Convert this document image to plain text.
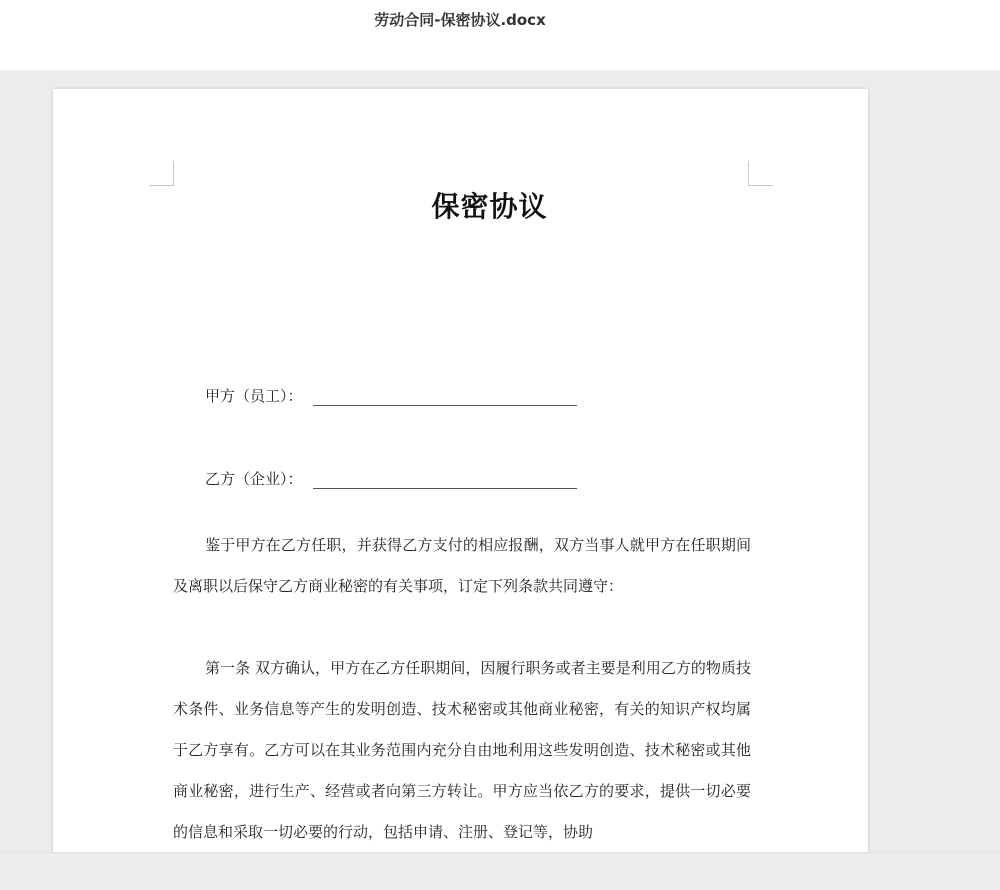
劳动合同-保密协议.docx
保密协议
甲方（员工）：
乙方（企业）：
鉴于甲方在乙方任职，并获得乙方支付的相应报酬，双方当事人就甲方在任职期间及离职以后保守乙方商业秘密的有关事项，订定下列条款共同遵守：
第一条 双方确认，甲方在乙方任职期间，因履行职务或者主要是利用乙方的物质技术条件、业务信息等产生的发明创造、技术秘密或其他商业秘密，有关的知识产权均属于乙方享有。乙方可以在其业务范围内充分自由地利用这些发明创造、技术秘密或其他商业秘密，进行生产、经营或者向第三方转让。甲方应当依乙方的要求，提供一切必要的信息和采取一切必要的行动，包括申请、注册、登记等，协助
